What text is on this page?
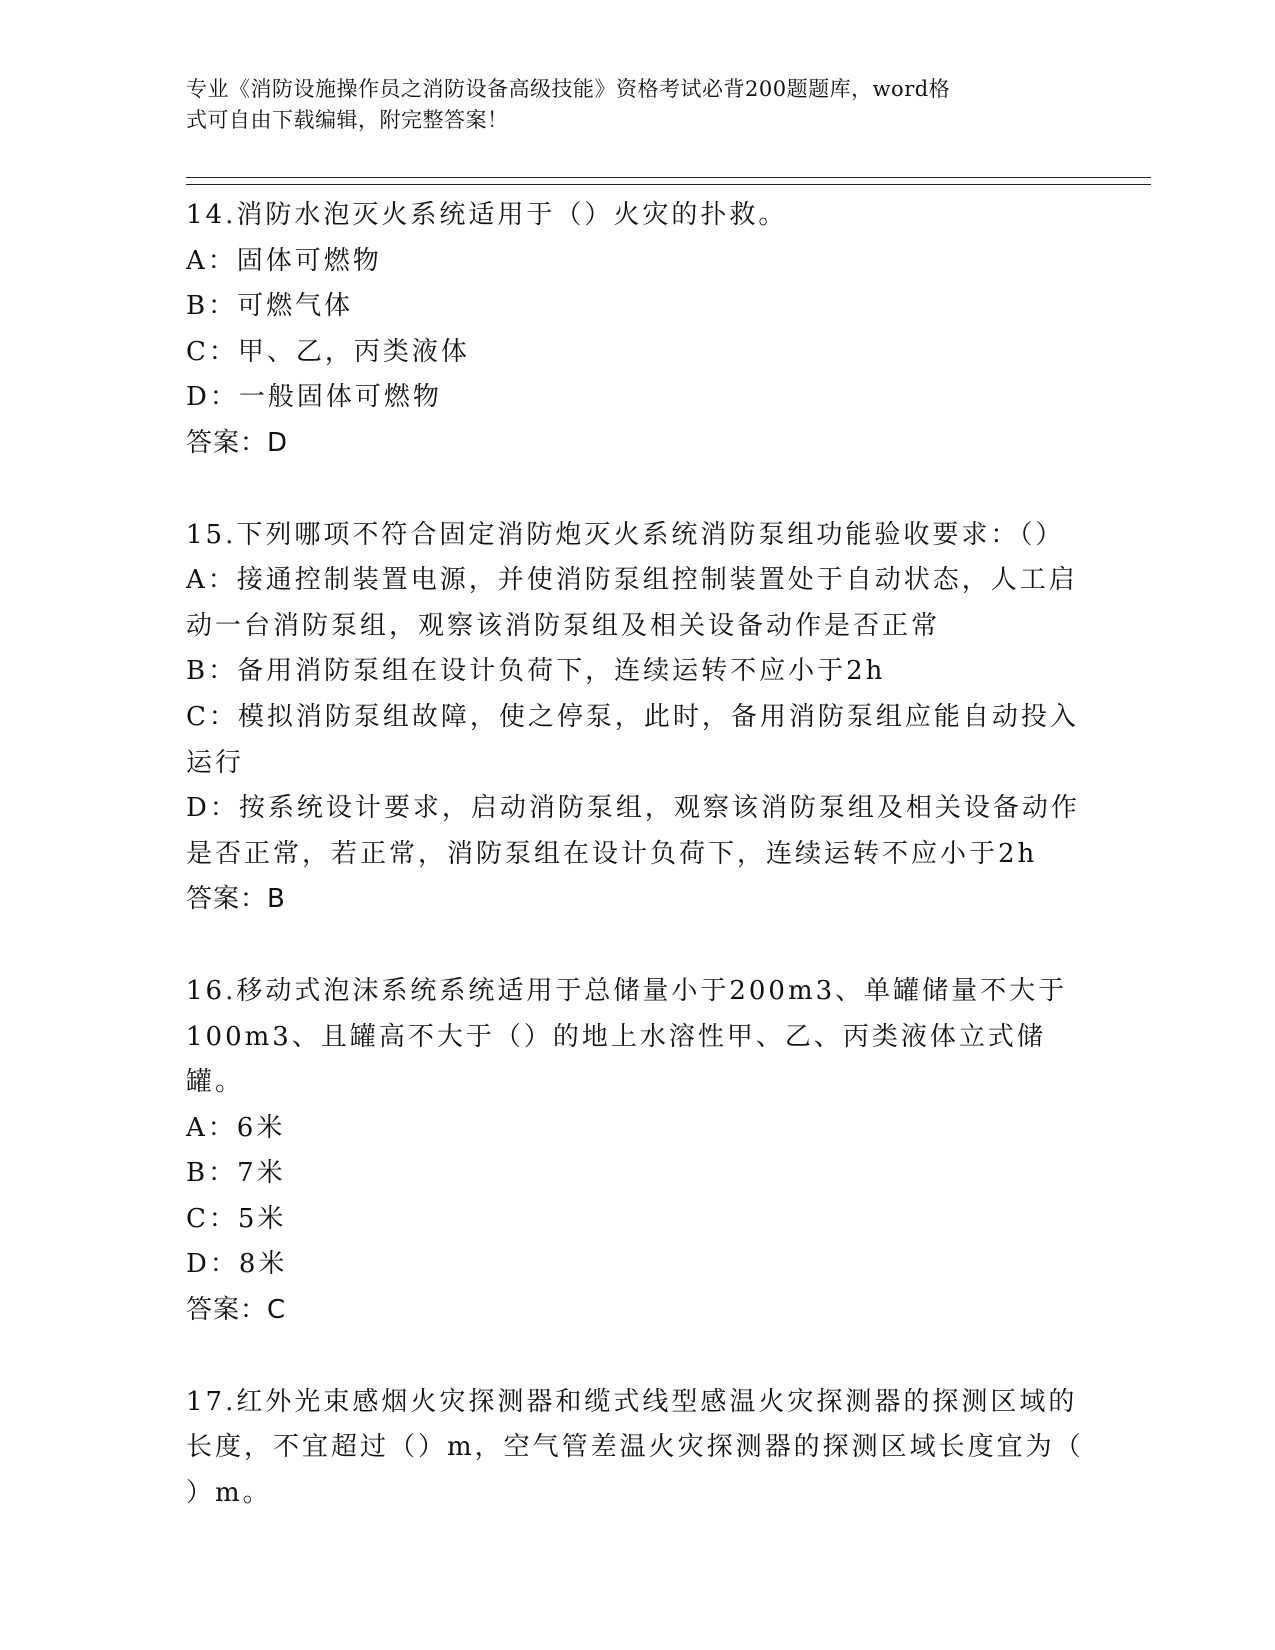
专业《消防设施操作员之消防设备高级技能》资格考试必背200题题库，word格
式可自由下载编辑，附完整答案！
14.消防水泡灭火系统适用于（）火灾的扑救。
A：固体可燃物
B：可燃气体
C：甲、乙，丙类液体
D：一般固体可燃物
答案：D
15.下列哪项不符合固定消防炮灭火系统消防泵组功能验收要求：（）
A：接通控制装置电源，并使消防泵组控制装置处于自动状态，人工启
动一台消防泵组，观察该消防泵组及相关设备动作是否正常
B：备用消防泵组在设计负荷下，连续运转不应小于2h
C：模拟消防泵组故障，使之停泵，此时，备用消防泵组应能自动投入
运行
D：按系统设计要求，启动消防泵组，观察该消防泵组及相关设备动作
是否正常，若正常，消防泵组在设计负荷下，连续运转不应小于2h
答案：B
16.移动式泡沫系统系统适用于总储量小于200m3、单罐储量不大于
100m3、且罐高不大于（）的地上水溶性甲、乙、丙类液体立式储罐。
A：6米
B：7米
C：5米
D：8米
答案：C
17.红外光束感烟火灾探测器和缆式线型感温火灾探测器的探测区域的
长度，不宜超过（）m，空气管差温火灾探测器的探测区域长度宜为（
）m。
